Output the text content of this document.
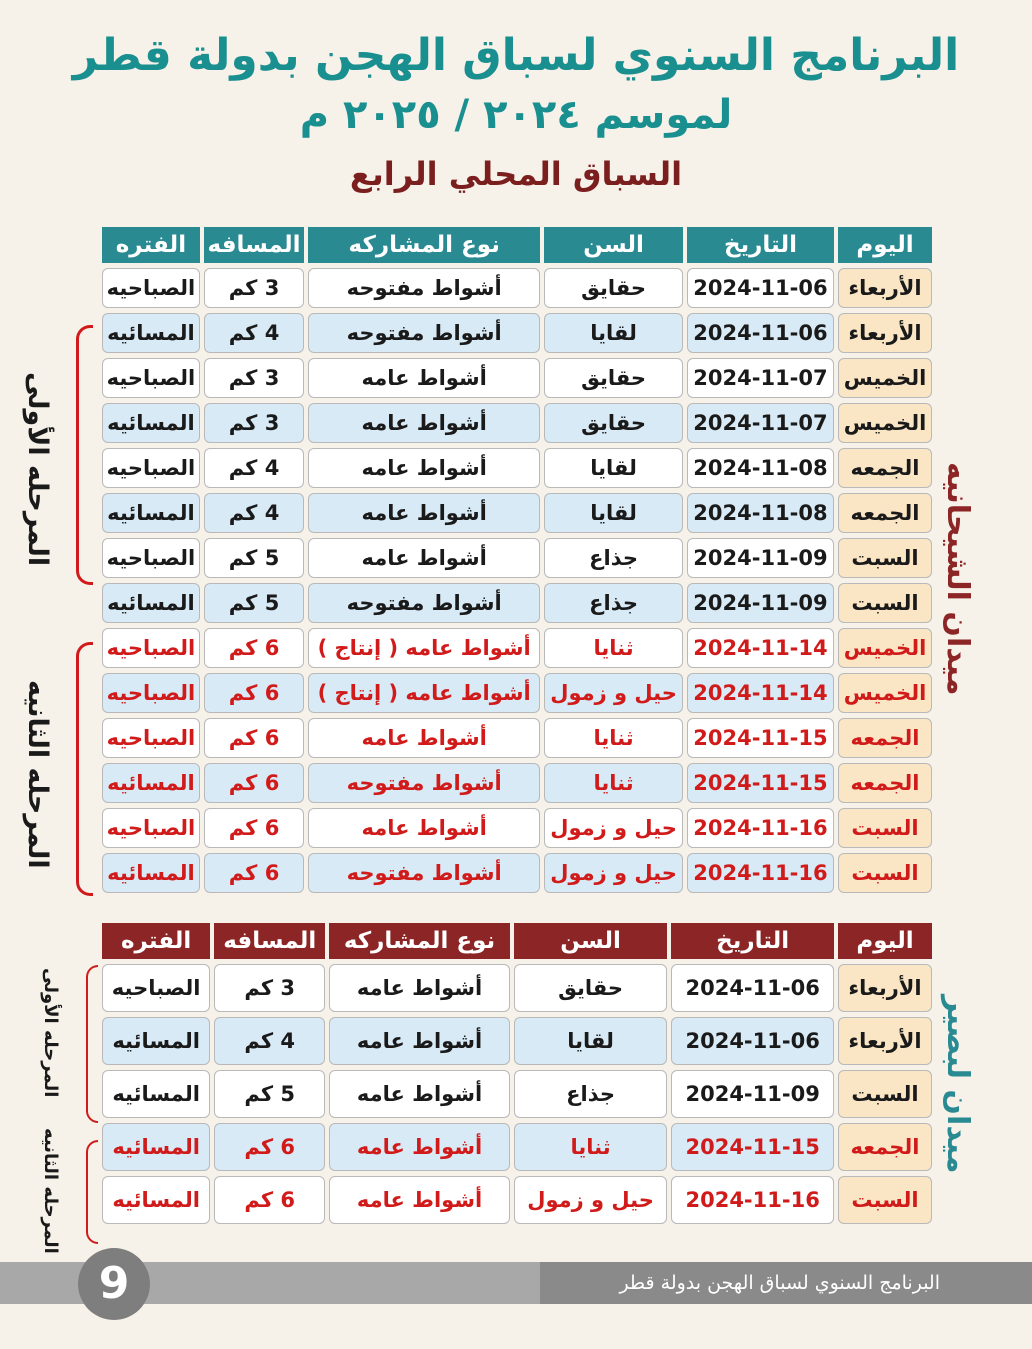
البرنامج السنوي لسباق الهجن بدولة قطر
لموسم ٢٠٢٤ / ٢٠٢٥ م
السباق المحلي الرابع
اليوم	التاريخ	السن	نوع المشاركه	المسافه	الفتره
الأربعاء	2024-11-06	حقايق	أشواط مفتوحه	3 كم	الصباحيه
الأربعاء	2024-11-06	لقايا	أشواط مفتوحه	4 كم	المسائيه
الخميس	2024-11-07	حقايق	أشواط عامه	3 كم	الصباحيه
الخميس	2024-11-07	حقايق	أشواط عامه	3 كم	المسائيه
الجمعه	2024-11-08	لقايا	أشواط عامه	4 كم	الصباحيه
الجمعه	2024-11-08	لقايا	أشواط عامه	4 كم	المسائيه
السبت	2024-11-09	جذاع	أشواط عامه	5 كم	الصباحيه
السبت	2024-11-09	جذاع	أشواط مفتوحه	5 كم	المسائيه
الخميس	2024-11-14	ثنايا	أشواط عامه ( إنتاج )	6 كم	الصباحيه
الخميس	2024-11-14	حيل و زمول	أشواط عامه ( إنتاج )	6 كم	الصباحيه
الجمعه	2024-11-15	ثنايا	أشواط عامه	6 كم	الصباحيه
الجمعه	2024-11-15	ثنايا	أشواط مفتوحه	6 كم	المسائيه
السبت	2024-11-16	حيل و زمول	أشواط عامه	6 كم	الصباحيه
السبت	2024-11-16	حيل و زمول	أشواط مفتوحه	6 كم	المسائيه
ميدان الشيحانيه
المرحله الأولى
المرحله الثانيه
اليوم	التاريخ	السن	نوع المشاركه	المسافه	الفتره
الأربعاء	2024-11-06	حقايق	أشواط عامه	3 كم	الصباحيه
الأربعاء	2024-11-06	لقايا	أشواط عامه	4 كم	المسائيه
السبت	2024-11-09	جذاع	أشواط عامه	5 كم	المسائيه
الجمعه	2024-11-15	ثنايا	أشواط عامه	6 كم	المسائيه
السبت	2024-11-16	حيل و زمول	أشواط عامه	6 كم	المسائيه
ميدان لبصير
المرحله الأولى
المرحله الثانيه
البرنامج السنوي لسباق الهجن بدولة قطر
9
